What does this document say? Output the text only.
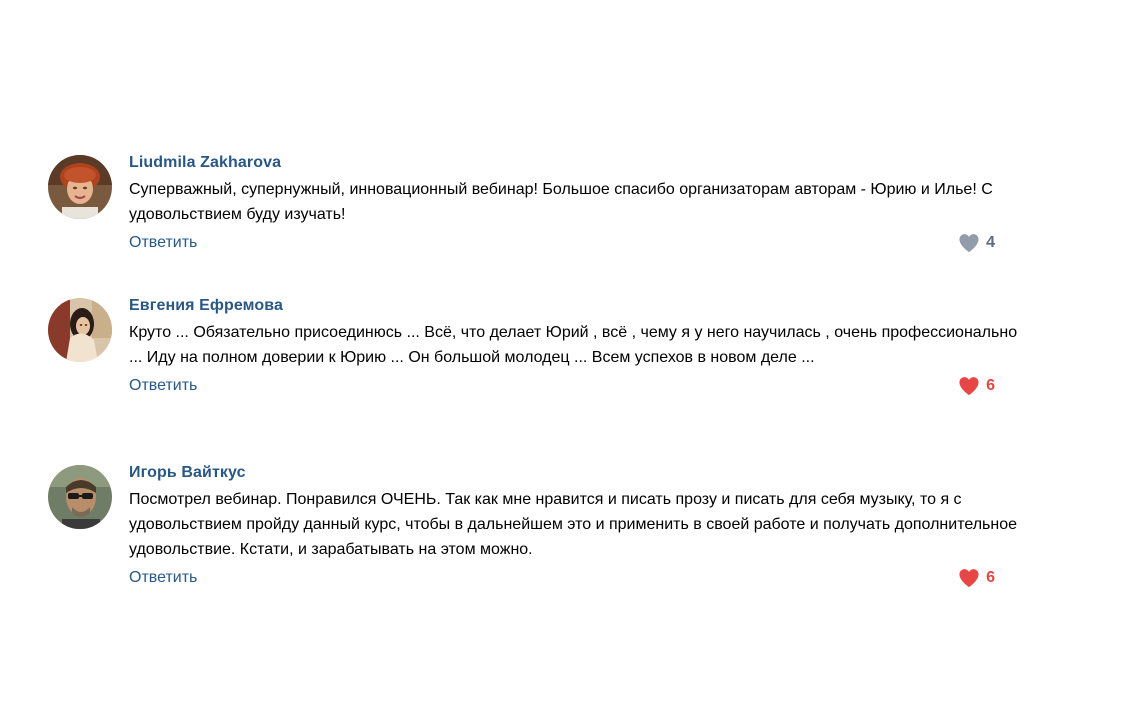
Liudmila Zakharova
Суперважный, супернужный, инновационный вебинар! Большое спасибо организаторам авторам - Юрию и Илье! С удовольствием буду изучать!
Ответить	4
Евгения Ефремова
Круто ... Обязательно присоединюсь ... Всё, что делает Юрий , всё , чему я у него научилась , очень профессионально ... Иду на полном доверии к Юрию ... Он большой молодец ... Всем успехов в новом деле ...
Ответить	6
Игорь Вайткус
Посмотрел вебинар. Понравился ОЧЕНЬ. Так как мне нравится и писать прозу и писать для себя музыку, то я с удовольствием пройду данный курс, чтобы в дальнейшем это и применить в своей работе и получать дополнительное удовольствие. Кстати, и зарабатывать на этом можно.
Ответить	6
